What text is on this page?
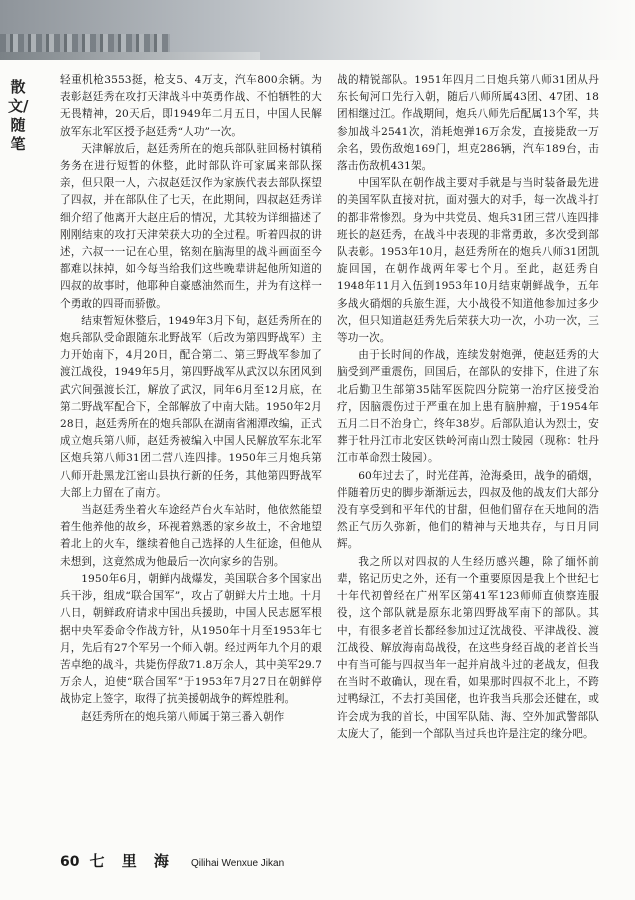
散文/随笔

轻重机枪3553挺，枪支5、4万支，汽车800余辆。为表彰赵廷秀在攻打天津战斗中英勇作战、不怕牺牲的大无畏精神，20天后，即1949年二月五日，中国人民解放军东北军区授予赵廷秀“人功”一次。

天津解放后，赵廷秀所在的炮兵部队驻回杨村镇稍务务在进行短暂的休整，此时部队许可家属来部队探亲，但只限一人，六叔赵廷汉作为家族代表去部队探望了四叔，并在部队住了七天，在此期间，四叔赵廷秀详细介绍了他离开大赵庄后的情况，尤其较为详细描述了刚刚结束的攻打天津荣获大功的全过程。听着四叔的讲述，六叔一一记在心里，铭刻在脑海里的战斗画面至今都难以抹掉，如今每当给我们这些晚辈讲起他所知道的四叔的故事时，他耶种自豪感油然而生，并为有这样一个勇敢的四哥而骄傲。

结束暂短休整后，1949年3月下旬，赵廷秀所在的炮兵部队受命跟随东北野战军（后改为第四野战军）主力开始南下，4月20日，配合第二、第三野战军参加了渡江战役，1949年5月，第四野战军从武汉以东团风到武穴间强渡长江，解放了武汉，同年6月至12月底，在第二野战军配合下，全部解放了中南大陆。1950年2月28日，赵廷秀所在的炮兵部队在湖南省湘潭改编，正式成立炮兵第八师，赵廷秀被编入中国人民解放军东北军区炮兵第八师31团二营八连四排。1950年三月炮兵第八师开赴黑龙江密山县执行新的任务，其他第四野战军大部上力留在了南方。

当赵廷秀坐着火车途经芦台火车站时，他依然能望着生他养他的故乡，环视着熟悉的家乡故土，不舍地望着北上的火车，继续着他自己选择的人生征途，但他从未想到，这竟然成为他最后一次向家乡的告别。

1950年6月，朝鲜内战爆发，美国联合多个国家出兵干涉，组成“联合国军”，攻占了朝鲜大片土地。十月八日，朝鲜政府请求中国出兵援助，中国人民志愿军根据中央军委命令作战方针，从1950年十月至1953年七月，先后有27个军另一个师入朝。经过两年九个月的艰苦卓绝的战斗，共毙伤俘敌71.8万余人，其中美军29.7万余人，迫使“联合国军”于1953年7月27日在朝鲜停战协定上签字，取得了抗美援朝战争的辉煌胜利。

赵廷秀所在的炮兵第八师属于第三番入朝作

战的精锐部队。1951年四月二日炮兵第八师31团从丹东长甸河口先行入朝，随后八师所属43团、47团、18团相继过江。作战期间，炮兵八师先后配属13个军，共参加战斗2541次，消耗炮弹16万余发，直接毙敌一万余名，毁伤敌炮169门，坦克286辆，汽车189台，击落击伤敌机431架。

中国军队在朝作战主要对手就是与当时装备最先进的美国军队直接对抗，面对强大的对手，每一次战斗打的都非常惨烈。身为中共党员、炮兵31团三营八连四排班长的赵廷秀，在战斗中表现的非常勇敢，多次受到部队表彰。1953年10月，赵廷秀所在的炮兵八师31团凯旋回国，在朝作战两年零七个月。至此，赵廷秀自1948年11月入伍到1953年10月结束朝鲜战争，五年多战火硝烟的兵旅生涯，大小战役不知道他参加过多少次，但只知道赵廷秀先后荣获大功一次，小功一次，三等功一次。

由于长时间的作战，连续发射炮弹，使赵廷秀的大脑受到严重震伤，回国后，在部队的安排下，住进了东北后勤卫生部第35陆军医院四分院第一治疗区接受治疗，因脑震伤过于严重在加上患有脑肿瘤，于1954年五月二日不治身亡，终年38岁。后部队追认为烈士，安葬于牡丹江市北安区铁岭河南山烈士陵园（现称：牡丹江市革命烈士陵园）。

60年过去了，时光荏苒，沧海桑田，战争的硝烟，伴随着历史的脚步渐渐远去，四叔及他的战友们大部分没有享受到和平年代的甘甜，但他们留存在天地间的浩然正气历久弥新，他们的精神与天地共存，与日月同辉。

我之所以对四叔的人生经历感兴趣，除了缅怀前辈，铭记历史之外，还有一个重要原因是我上个世纪七十年代初曾经在广州军区第41军123师师直侦察连服役，这个部队就是原东北第四野战军南下的部队。其中，有很多老首长都经参加过辽沈战役、平津战役、渡江战役、解放海南岛战役，在这些身经百战的老首长当中有当可能与四叔当年一起并肩战斗过的老战友，但我在当时不敢确认，现在看，如果那时四叔不北上，不跨过鸭绿江，不去打美国佬，也许我当兵那会还健在，或许会成为我的首长，中国军队陆、海、空外加武警部队太庞大了，能到一个部队当过兵也许是注定的缘分吧。

60 七 里 海 Qilihai Wenxue Jikan
